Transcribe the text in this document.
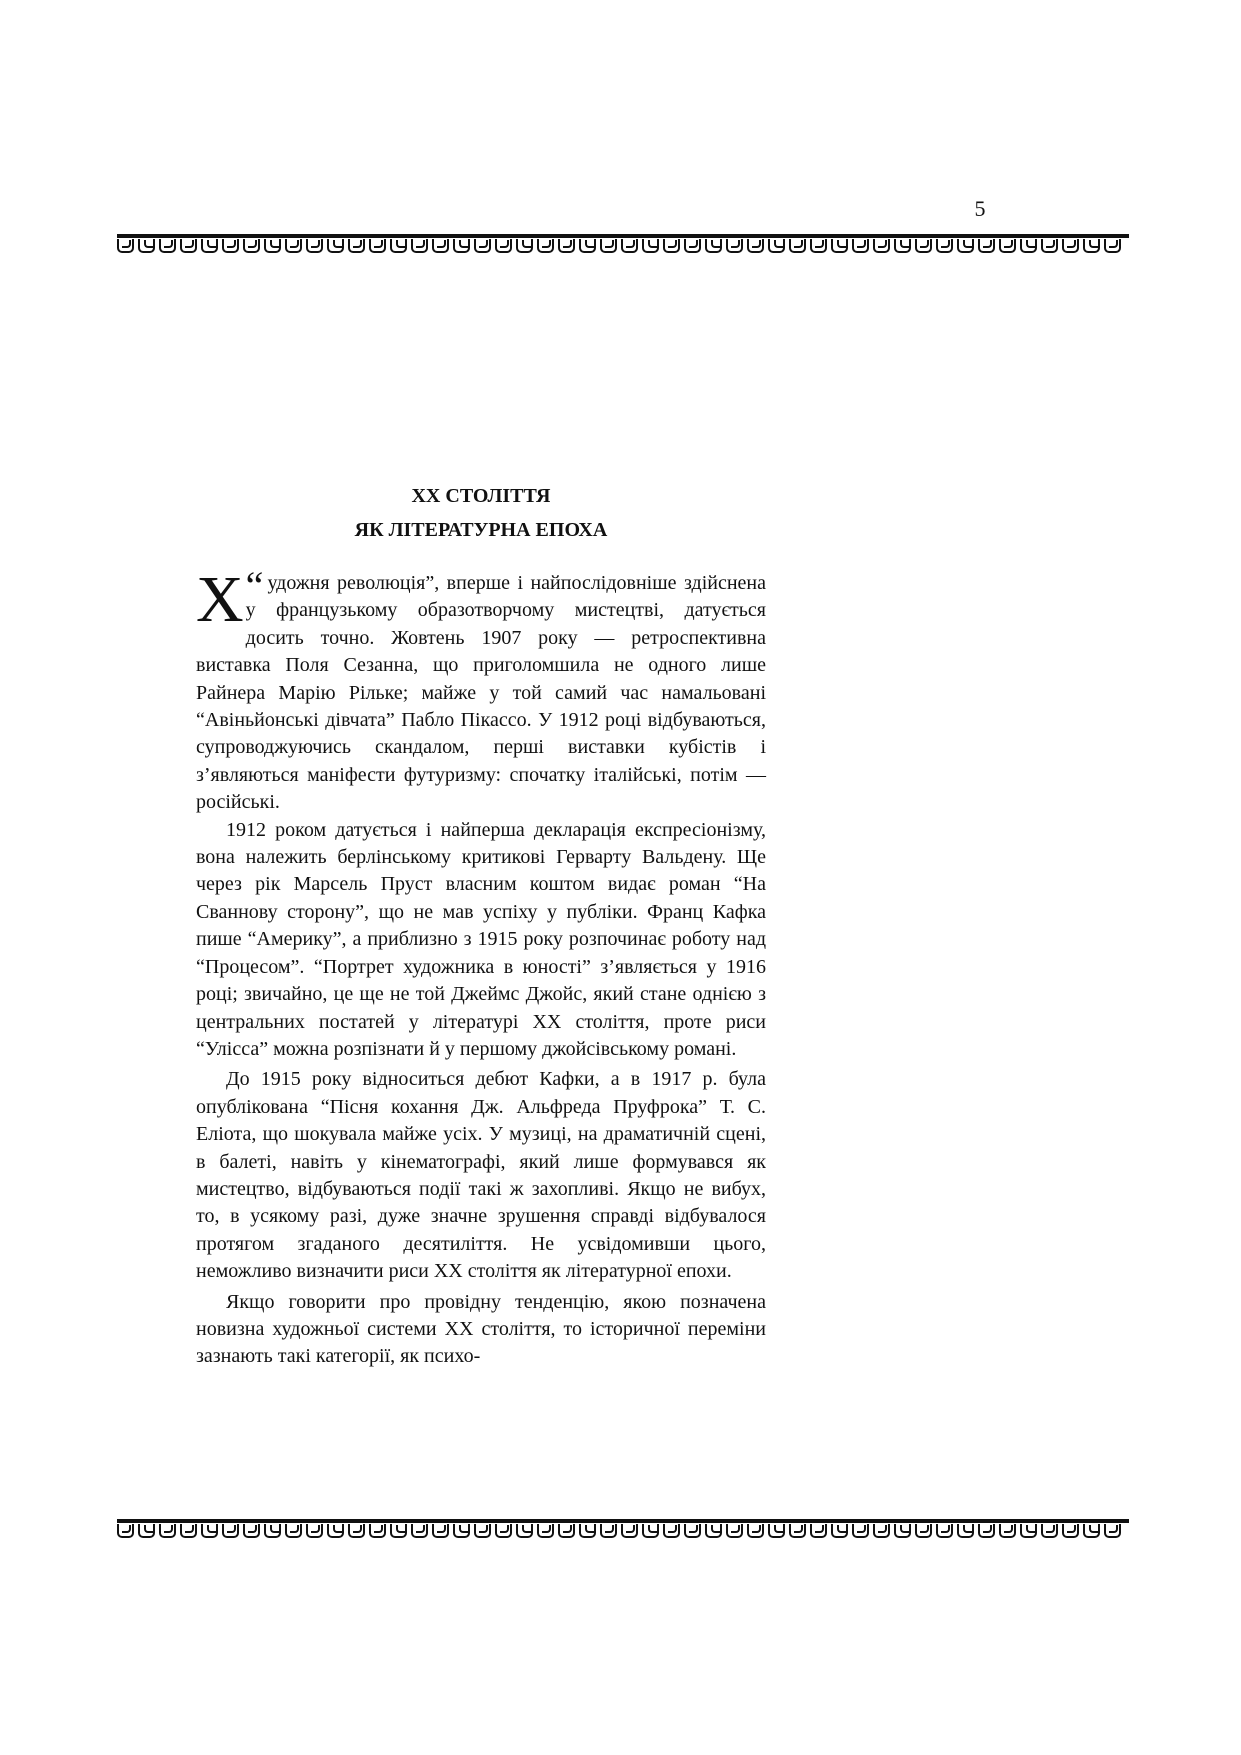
5
XX СТОЛІТТЯ
ЯК ЛІТЕРАТУРНА ЕПОХА

“
Х удожня революція”, вперше і найпослідовніше здійснена у французькому образотворчому мистецтві, датується досить точно. Жовтень 1907 року — ретроспективна виставка Поля Сезанна, що приголомшила не одного лише Райнера Марію Рільке; майже у той самий час намальовані “Авіньйонські дівчата” Пабло Пікассо. У 1912 році відбуваються, супроводжуючись скандалом, перші виставки кубістів і з’являються маніфести футуризму: спочатку італійські, потім — російські.

1912 роком датується і найперша декларація експресіонізму, вона належить берлінському критикові Герварту Вальдену. Ще через рік Марсель Пруст власним коштом видає роман “На Сваннову сторону”, що не мав успіху у публіки. Франц Кафка пише “Америку”, а приблизно з 1915 року розпочинає роботу над “Процесом”. “Портрет художника в юності” з’являється у 1916 році; звичайно, це ще не той Джеймс Джойс, який стане однією з центральних постатей у літературі XX століття, проте риси “Улісса” можна розпізнати й у першому джойсівському романі.

До 1915 року відноситься дебют Кафки, а в 1917 р. була опублікована “Пісня кохання Дж. Альфреда Пруфрока” Т. С. Еліота, що шокувала майже усіх. У музиці, на драматичній сцені, в балеті, навіть у кінематографі, який лише формувався як мистецтво, відбуваються події такі ж захопливі. Якщо не вибух, то, в усякому разі, дуже значне зрушення справді відбувалося протягом згаданого десятиліття. Не усвідомивши цього, неможливо визначити риси XX століття як літературної епохи.

Якщо говорити про провідну тенденцію, якою позначена новизна художньої системи XX століття, то історичної переміни зазнають такі категорії, як психо-
